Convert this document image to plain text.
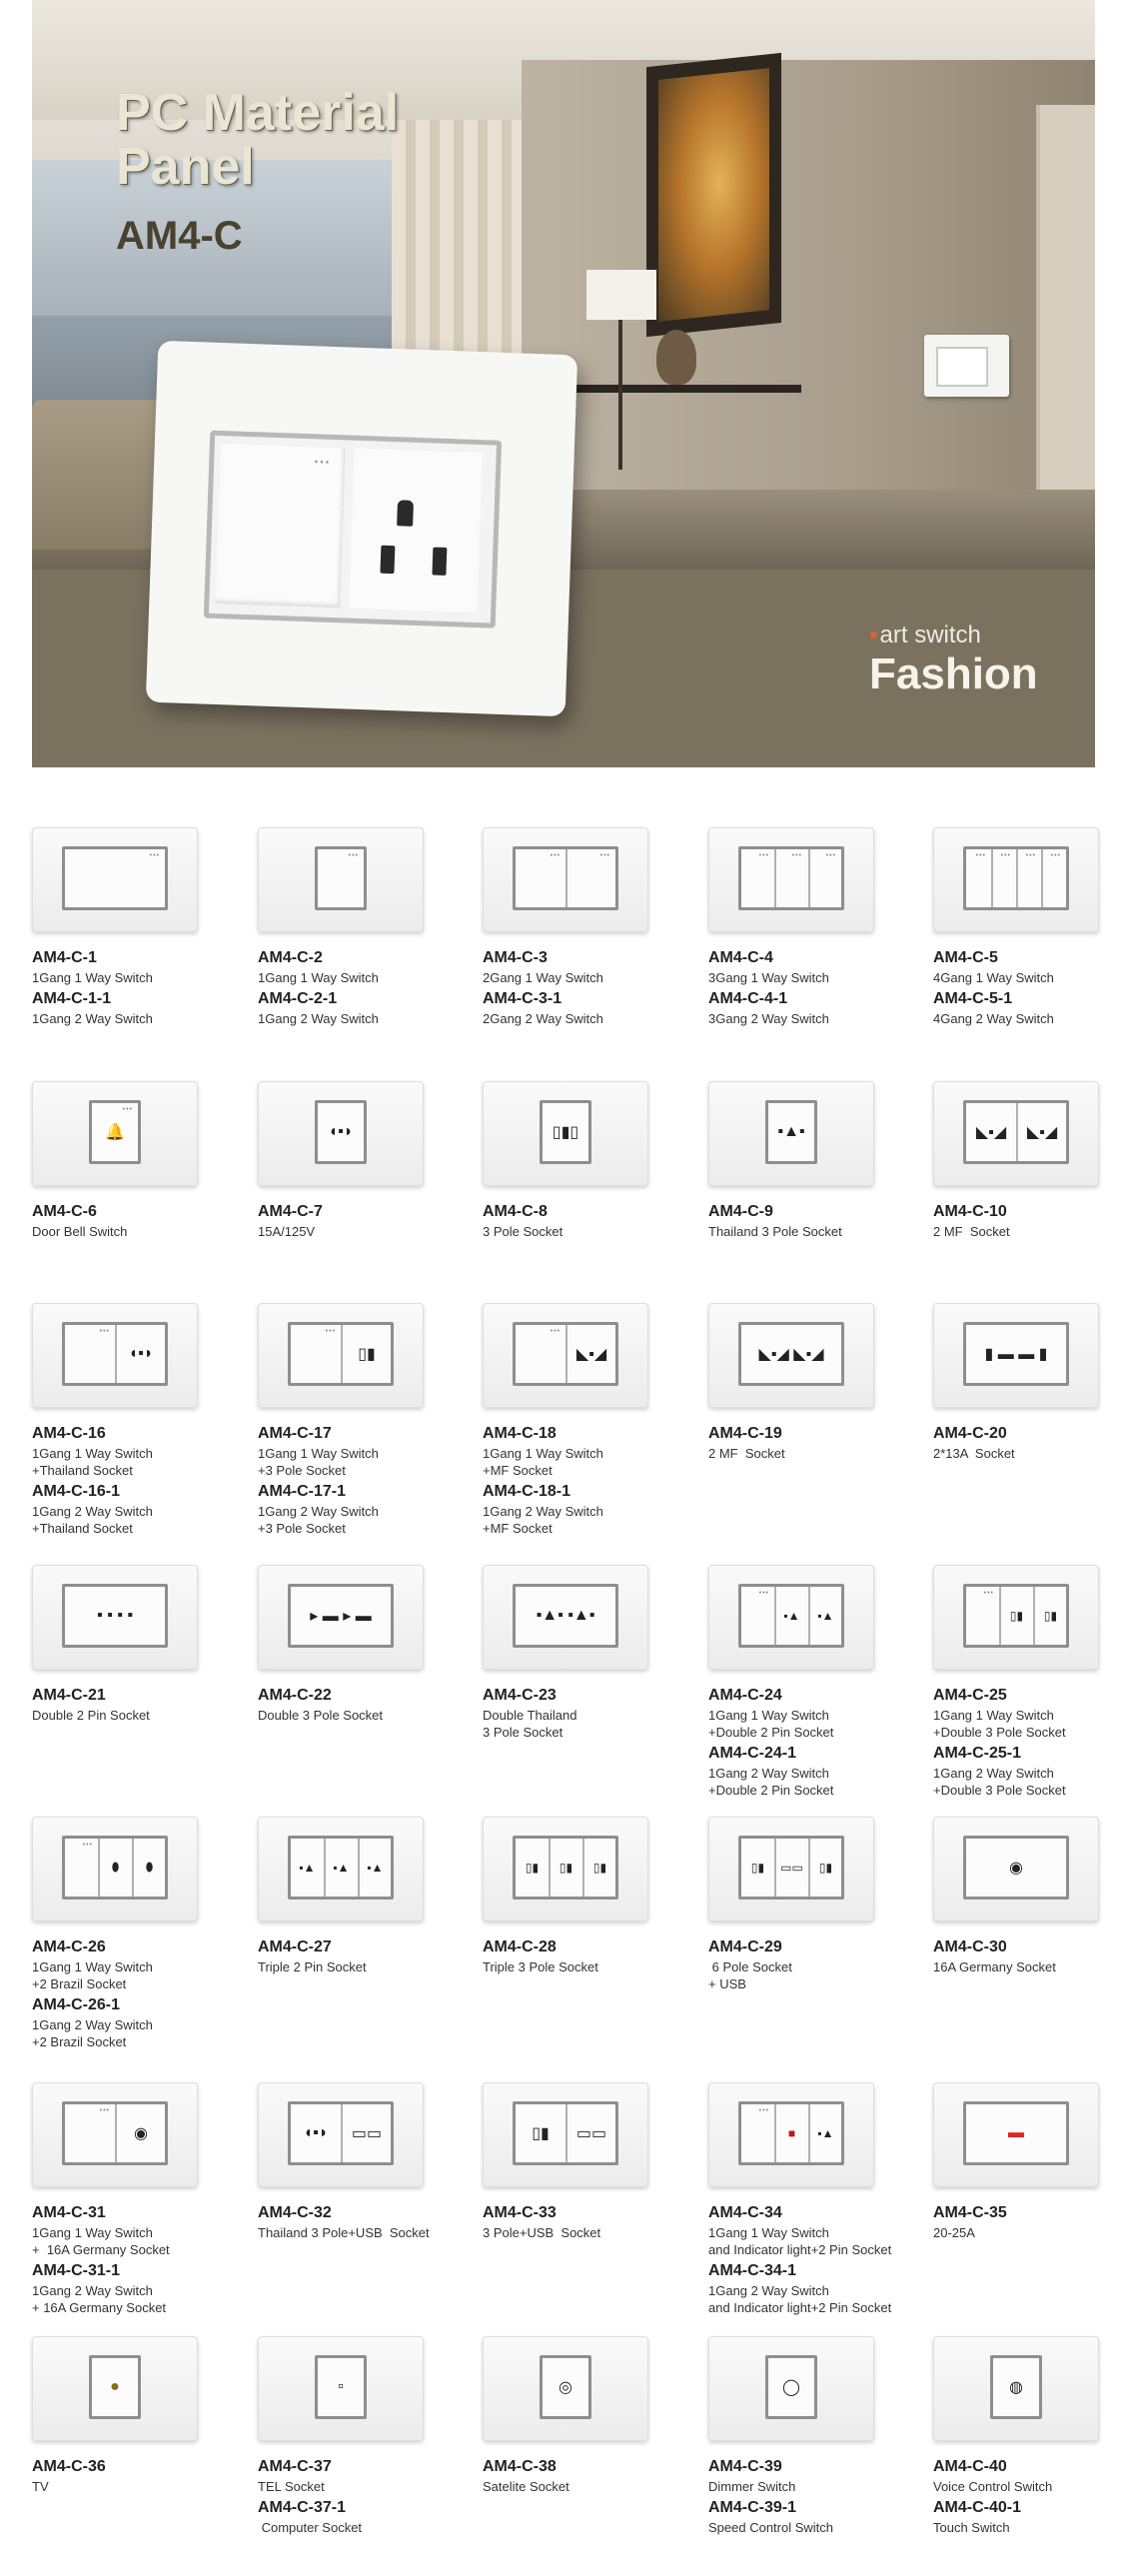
•••
PC Material
Panel
AM4-C
▪art switch
Fashion
•••
AM4-C-1
1Gang 1 Way Switch
AM4-C-1-1
1Gang 2 Way Switch
•••
AM4-C-2
1Gang 1 Way Switch
AM4-C-2-1
1Gang 2 Way Switch
•••	•••
AM4-C-3
2Gang 1 Way Switch
AM4-C-3-1
2Gang 2 Way Switch
•••	•••	•••
AM4-C-4
3Gang 1 Way Switch
AM4-C-4-1
3Gang 2 Way Switch
••• ••• ••• •••
AM4-C-5
4Gang 1 Way Switch
AM4-C-5-1
4Gang 2 Way Switch
•••
🔔
AM4-C-6
Door Bell Switch
◖▪◗
AM4-C-7
15A/125V
▯▮▯
AM4-C-8
3 Pole Socket
▪▲▪
AM4-C-9
Thailand 3 Pole Socket
◣▪◢ ◣▪◢
AM4-C-10
2 MF  Socket
•••
◖▪◗
AM4-C-16
1Gang 1 Way Switch
+Thailand Socket
AM4-C-16-1
1Gang 2 Way Switch
+Thailand Socket
•••
▯▮
AM4-C-17
1Gang 1 Way Switch
+3 Pole Socket
AM4-C-17-1
1Gang 2 Way Switch
+3 Pole Socket
•••
◣▪◢
AM4-C-18
1Gang 1 Way Switch
+MF Socket
AM4-C-18-1
1Gang 2 Way Switch
+MF Socket
◣▪◢ ◣▪◢
AM4-C-19
2 MF  Socket
▮ ▬ ▬ ▮
AM4-C-20
2*13A  Socket
▪ ▪ ▪ ▪
AM4-C-21
Double 2 Pin Socket
▸ ▬ ▸ ▬
AM4-C-22
Double 3 Pole Socket
▪▲▪ ▪▲▪
AM4-C-23
Double Thailand
3 Pole Socket
•••
▪▲ ▪▲
AM4-C-24
1Gang 1 Way Switch
+Double 2 Pin Socket
AM4-C-24-1
1Gang 2 Way Switch
+Double 2 Pin Socket
•••
▯▮ ▯▮
AM4-C-25
1Gang 1 Way Switch
+Double 3 Pole Socket
AM4-C-25-1
1Gang 2 Way Switch
+Double 3 Pole Socket
•••
⬮ ⬮
AM4-C-26
1Gang 1 Way Switch
+2 Brazil Socket
AM4-C-26-1
1Gang 2 Way Switch
+2 Brazil Socket
▪▲ ▪▲ ▪▲
AM4-C-27
Triple 2 Pin Socket
▯▮ ▯▮ ▯▮
AM4-C-28
Triple 3 Pole Socket
▯▮ ▭▭ ▯▮
AM4-C-29
6 Pole Socket
+ USB
◉
AM4-C-30
16A Germany Socket
•••
◉
AM4-C-31
1Gang 1 Way Switch
+  16A Germany Socket
AM4-C-31-1
1Gang 2 Way Switch
+ 16A Germany Socket
◖▪◗ ▭▭
AM4-C-32
Thailand 3 Pole+USB  Socket
▯▮ ▭▭
AM4-C-33
3 Pole+USB  Socket
•••
■ ▪▲
AM4-C-34
1Gang 1 Way Switch
and Indicator light+2 Pin Socket
AM4-C-34-1
1Gang 2 Way Switch
and Indicator light+2 Pin Socket
▬
AM4-C-35
20-25A
●
AM4-C-36
TV
▫
AM4-C-37
TEL Socket
AM4-C-37-1
Computer Socket
◎
AM4-C-38
Satelite Socket
◯
AM4-C-39
Dimmer Switch
AM4-C-39-1
Speed Control Switch
◍
AM4-C-40
Voice Control Switch
AM4-C-40-1
Touch Switch
